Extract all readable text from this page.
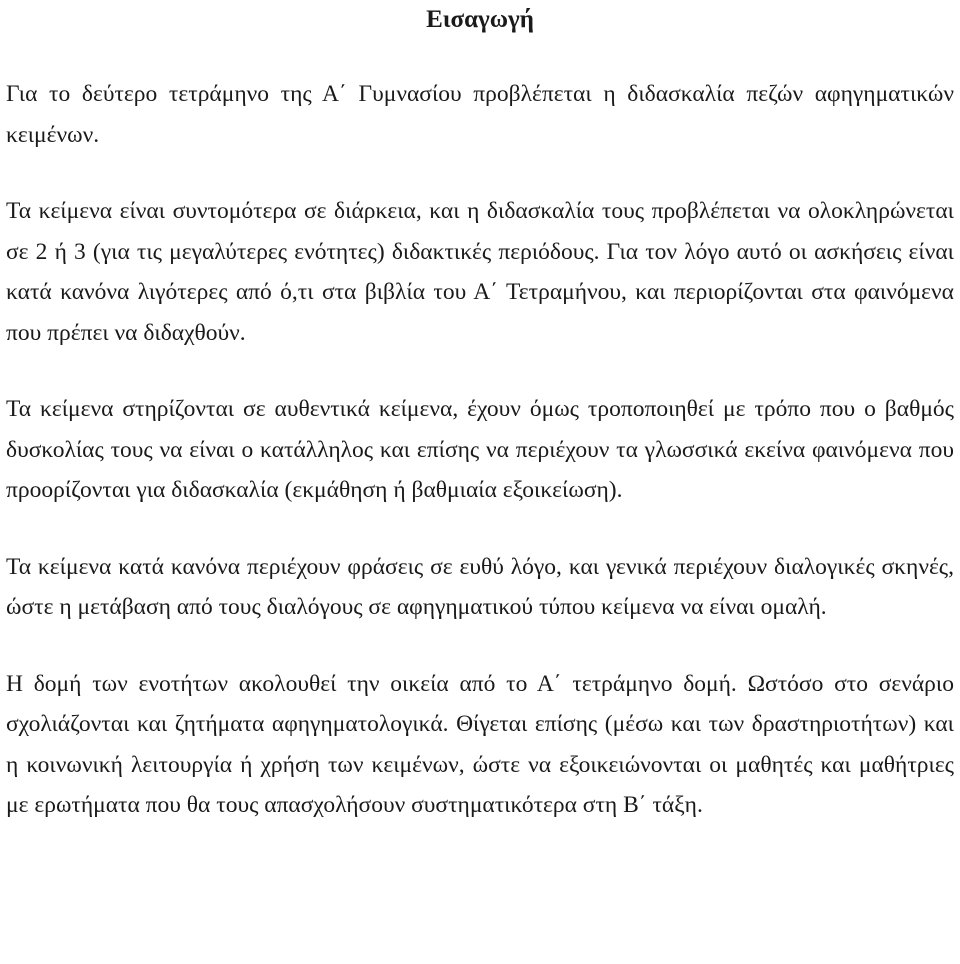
Εισαγωγή

Για το δεύτερο τετράμηνο της Α΄ Γυμνασίου προβλέπεται η διδασκαλία πεζών αφηγηματικών κειμένων.

Τα κείμενα είναι συντομότερα σε διάρκεια, και η διδασκαλία τους προβλέπεται να ολοκληρώνεται σε 2 ή 3 (για τις μεγαλύτερες ενότητες) διδακτικές περιόδους. Για τον λόγο αυτό οι ασκήσεις είναι κατά κανόνα λιγότερες από ό,τι στα βιβλία του Α΄ Τετραμήνου, και περιορίζονται στα φαινόμενα που πρέπει να διδαχθούν.

Τα κείμενα στηρίζονται σε αυθεντικά κείμενα, έχουν όμως τροποποιηθεί με τρόπο που ο βαθμός δυσκολίας τους να είναι ο κατάλληλος και επίσης να περιέχουν τα γλωσσικά εκείνα φαινόμενα που προορίζονται για διδασκαλία (εκμάθηση ή βαθμιαία εξοικείωση).

Τα κείμενα κατά κανόνα περιέχουν φράσεις σε ευθύ λόγο, και γενικά περιέχουν διαλογικές σκηνές, ώστε η μετάβαση από τους διαλόγους σε αφηγηματικού τύπου κείμενα να είναι ομαλή.

Η δομή των ενοτήτων ακολουθεί την οικεία από το Α΄ τετράμηνο δομή. Ωστόσο στο σενάριο σχολιάζονται και ζητήματα αφηγηματολογικά. Θίγεται επίσης (μέσω και των δραστηριοτήτων) και η κοινωνική λειτουργία ή χρήση των κειμένων, ώστε να εξοικειώνονται οι μαθητές και μαθήτριες με ερωτήματα που θα τους απασχολήσουν συστηματικότερα στη Β΄ τάξη.
